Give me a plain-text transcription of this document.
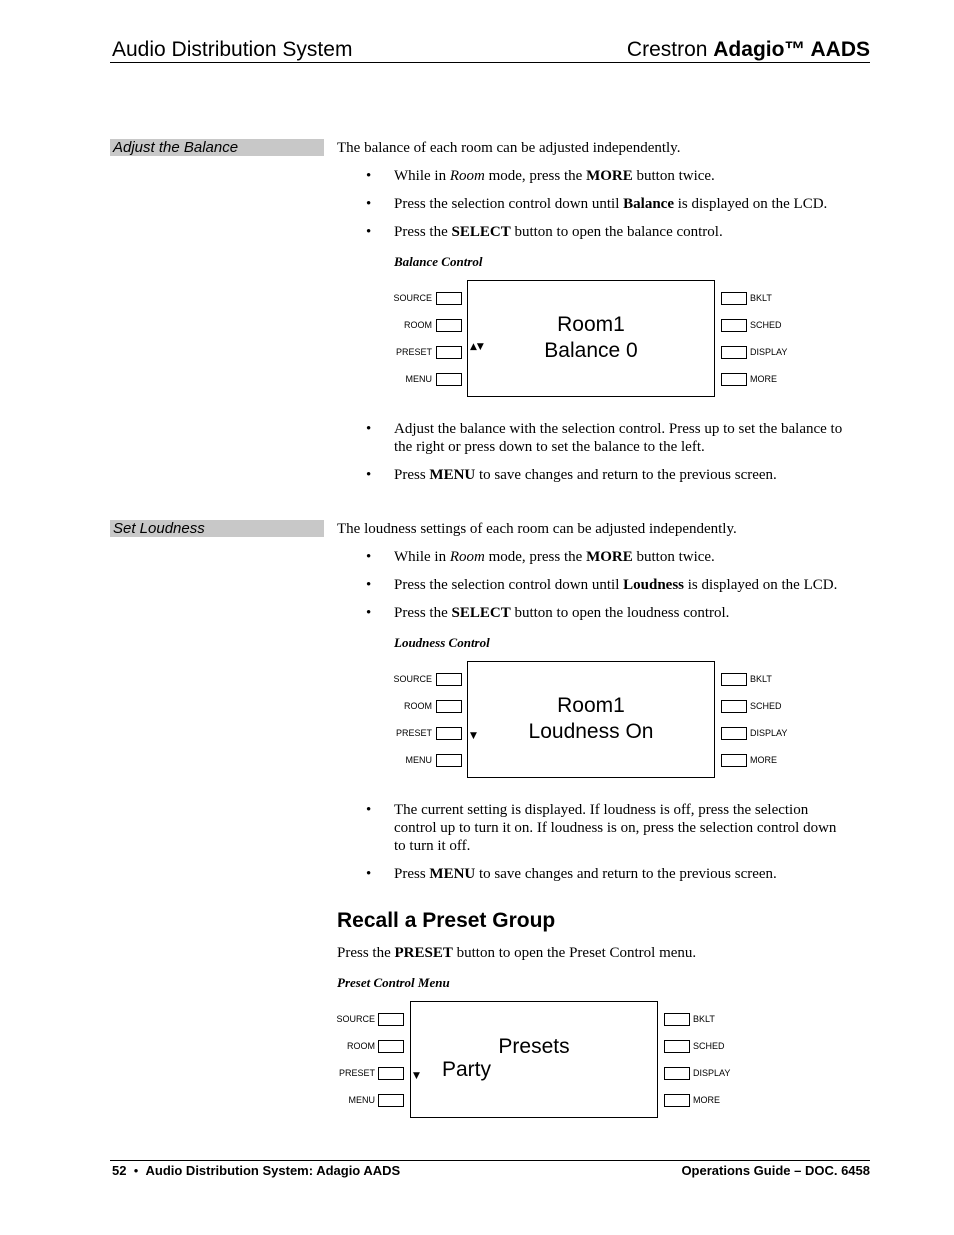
Audio Distribution System	Crestron Adagio™ AADS
Adjust the Balance	The balance of each room can be adjusted independently.
• While in Room mode, press the MORE button twice.
• Press the selection control down until Balance is displayed on the LCD.
• Press the SELECT button to open the balance control.
Balance Control
SOURCE
ROOM
PRESET
MENU
▲▼
Room1
Balance 0
BKLT
SCHED
DISPLAY
MORE
• Adjust the balance with the selection control. Press up to set the balance to
the right or press down to set the balance to the left.
• Press MENU to save changes and return to the previous screen.
Set Loudness	The loudness settings of each room can be adjusted independently.
• While in Room mode, press the MORE button twice.
• Press the selection control down until Loudness is displayed on the LCD.
• Press the SELECT button to open the loudness control.
Loudness Control
SOURCE
ROOM
PRESET
MENU
▼
Room1
Loudness On
BKLT
SCHED
DISPLAY
MORE
• The current setting is displayed. If loudness is off, press the selection
control up to turn it on. If loudness is on, press the selection control down
to turn it off.
• Press MENU to save changes and return to the previous screen.
Recall a Preset Group
Press the PRESET button to open the Preset Control menu.
Preset Control Menu
SOURCE
ROOM
PRESET
MENU
▼
Presets
Party
BKLT
SCHED
DISPLAY
MORE
52 • Audio Distribution System: Adagio AADS	Operations Guide – DOC. 6458
